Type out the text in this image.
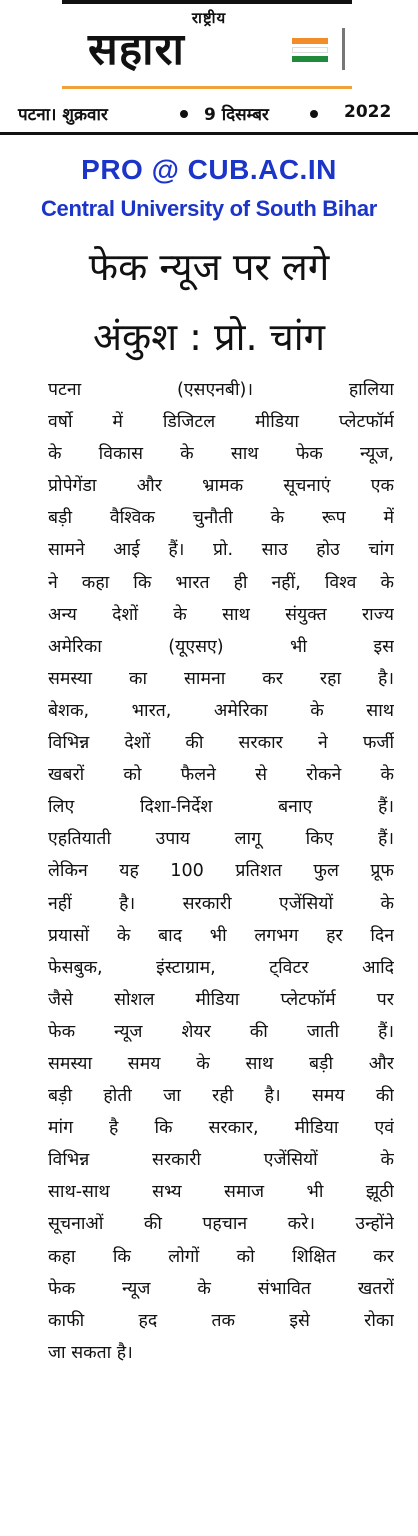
राष्ट्रीय
सहारा
पटना। शुक्रवार	9 दिसम्बर	2022
PRO @ CUB.AC.IN
Central University of South Bihar
फेक न्यूज पर लगे
अंकुश : प्रो. चांग
पटना (एसएनबी)। हालिया
वर्षो में डिजिटल मीडिया प्लेटफॉर्म
के विकास के साथ फेक न्यूज,
प्रोपेगेंडा और भ्रामक सूचनाएं एक
बड़ी वैश्विक चुनौती के रूप में
सामने आई हैं। प्रो. साउ होउ चांग
ने कहा कि भारत ही नहीं, विश्व के
अन्य देशों के साथ संयुक्त राज्य
अमेरिका (यूएसए) भी इस
समस्या का सामना कर रहा है।
बेशक, भारत, अमेरिका के साथ
विभिन्न देशों की सरकार ने फर्जी
खबरों को फैलने से रोकने के
लिए दिशा-निर्देश बनाए हैं।
एहतियाती उपाय लागू किए हैं।
लेकिन यह 100 प्रतिशत फुल प्रूफ
नहीं है। सरकारी एजेंसियों के
प्रयासों के बाद भी लगभग हर दिन
फेसबुक, इंस्टाग्राम, ट्विटर आदि
जैसे सोशल मीडिया प्लेटफॉर्म पर
फेक न्यूज शेयर की जाती हैं।
समस्या समय के साथ बड़ी और
बड़ी होती जा रही है। समय की
मांग है कि सरकार, मीडिया एवं
विभिन्न सरकारी एजेंसियों के
साथ-साथ सभ्य समाज भी झूठी
सूचनाओं की पहचान करे। उन्होंने
कहा कि लोगों को शिक्षित कर
फेक न्यूज के संभावित खतरों
काफी हद तक इसे रोका
जा सकता है।
